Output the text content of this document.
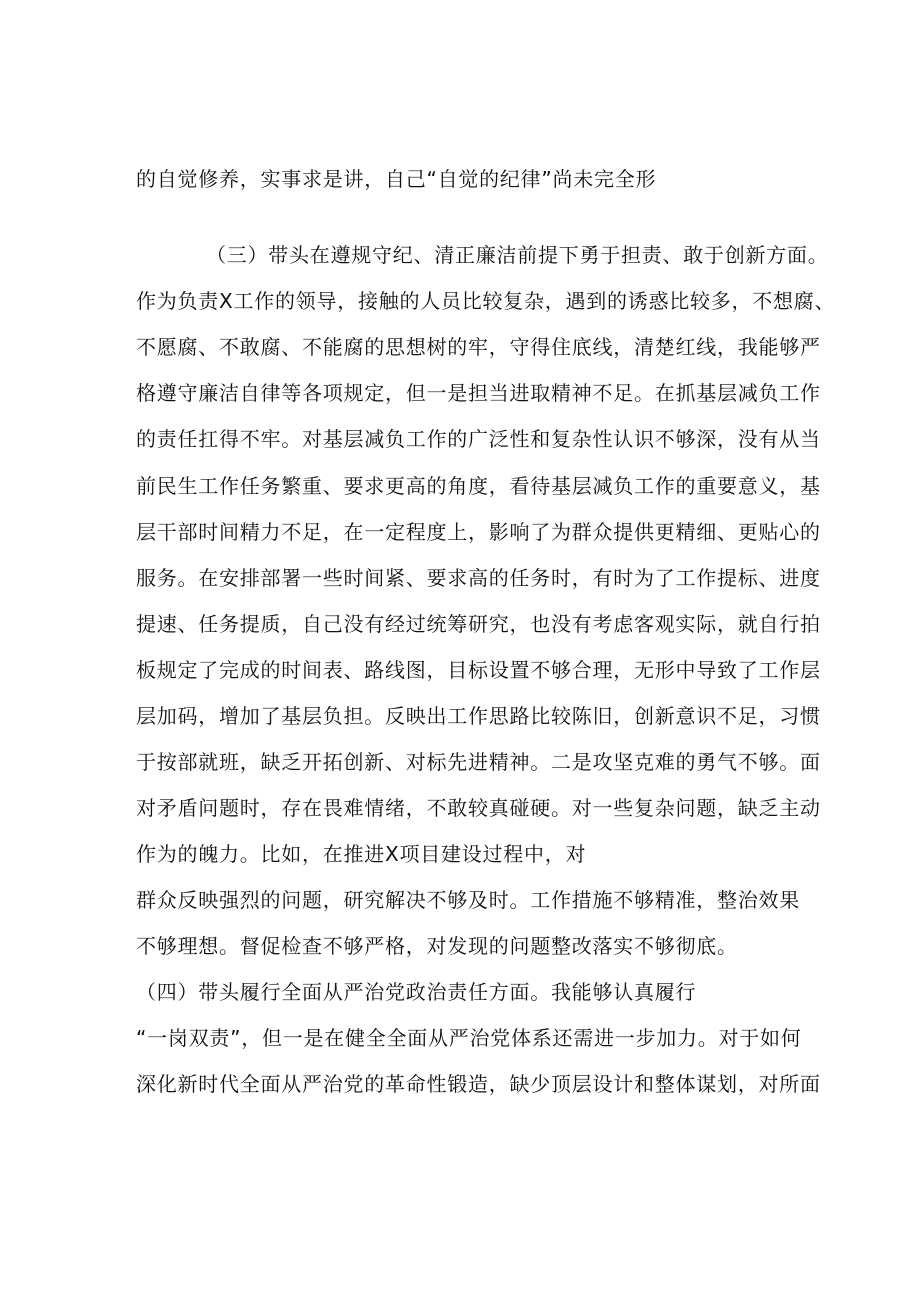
的自觉修养，实事求是讲，自己“自觉的纪律”尚未完全形
（三）带头在遵规守纪、清正廉洁前提下勇于担责、敢于创新方面。
作为负责X工作的领导，接触的人员比较复杂，遇到的诱惑比较多，不想腐、
不愿腐、不敢腐、不能腐的思想树的牢，守得住底线，清楚红线，我能够严
格遵守廉洁自律等各项规定，但一是担当进取精神不足。在抓基层减负工作
的责任扛得不牢。对基层减负工作的广泛性和复杂性认识不够深，没有从当
前民生工作任务繁重、要求更高的角度，看待基层减负工作的重要意义，基
层干部时间精力不足，在一定程度上，影响了为群众提供更精细、更贴心的
服务。在安排部署一些时间紧、要求高的任务时，有时为了工作提标、进度
提速、任务提质，自己没有经过统筹研究，也没有考虑客观实际，就自行拍
板规定了完成的时间表、路线图，目标设置不够合理，无形中导致了工作层
层加码，增加了基层负担。反映出工作思路比较陈旧，创新意识不足，习惯
于按部就班，缺乏开拓创新、对标先进精神。二是攻坚克难的勇气不够。面
对矛盾问题时，存在畏难情绪，不敢较真碰硬。对一些复杂问题，缺乏主动
作为的魄力。比如，在推进X项目建设过程中，对
群众反映强烈的问题，研究解决不够及时。工作措施不够精准，整治效果
不够理想。督促检查不够严格，对发现的问题整改落实不够彻底。
（四）带头履行全面从严治党政治责任方面。我能够认真履行
“一岗双责”，但一是在健全全面从严治党体系还需进一步加力。对于如何
深化新时代全面从严治党的革命性锻造，缺少顶层设计和整体谋划，对所面
